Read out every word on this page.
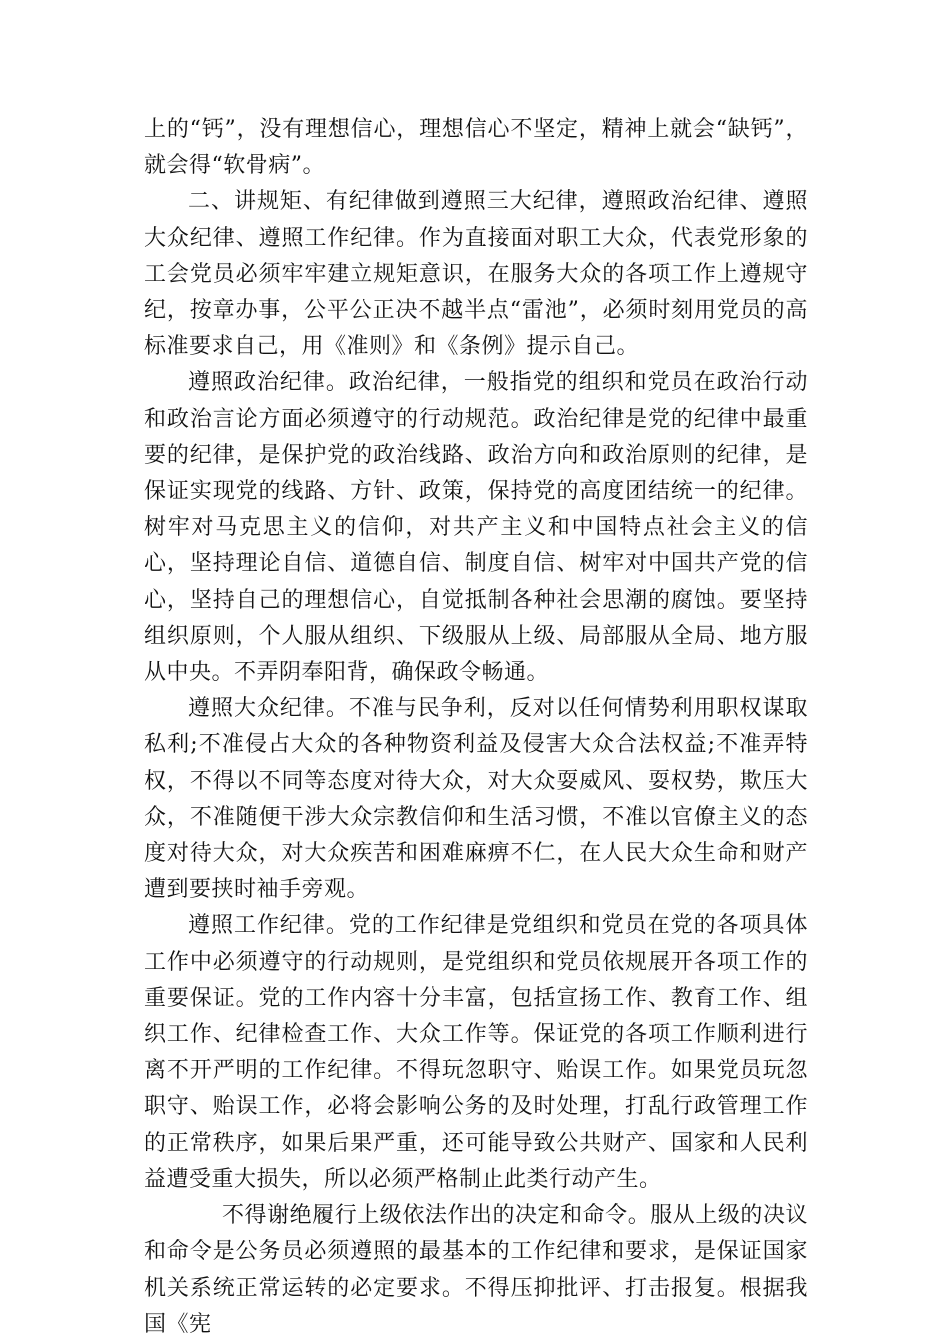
上的“钙”，没有理想信心，理想信心不坚定，精神上就会“缺钙”，就会得“软骨病”。

二、讲规矩、有纪律做到遵照三大纪律，遵照政治纪律、遵照大众纪律、遵照工作纪律。作为直接面对职工大众，代表党形象的工会党员必须牢牢建立规矩意识，在服务大众的各项工作上遵规守纪，按章办事，公平公正决不越半点“雷池”，必须时刻用党员的高标准要求自己，用《准则》和《条例》提示自己。

遵照政治纪律。政治纪律，一般指党的组织和党员在政治行动和政治言论方面必须遵守的行动规范。政治纪律是党的纪律中最重要的纪律，是保护党的政治线路、政治方向和政治原则的纪律，是保证实现党的线路、方针、政策，保持党的高度团结统一的纪律。树牢对马克思主义的信仰，对共产主义和中国特点社会主义的信心，坚持理论自信、道德自信、制度自信、树牢对中国共产党的信心，坚持自己的理想信心，自觉抵制各种社会思潮的腐蚀。要坚持组织原则，个人服从组织、下级服从上级、局部服从全局、地方服从中央。不弄阴奉阳背，确保政令畅通。

遵照大众纪律。不准与民争利，反对以任何情势利用职权谋取私利;不准侵占大众的各种物资利益及侵害大众合法权益;不准弄特权，不得以不同等态度对待大众，对大众耍威风、耍权势，欺压大众，不准随便干涉大众宗教信仰和生活习惯，不准以官僚主义的态度对待大众，对大众疾苦和困难麻痹不仁，在人民大众生命和财产遭到要挟时袖手旁观。

遵照工作纪律。党的工作纪律是党组织和党员在党的各项具体工作中必须遵守的行动规则，是党组织和党员依规展开各项工作的重要保证。党的工作内容十分丰富，包括宣扬工作、教育工作、组织工作、纪律检查工作、大众工作等。保证党的各项工作顺利进行离不开严明的工作纪律。不得玩忽职守、贻误工作。如果党员玩忽职守、贻误工作，必将会影响公务的及时处理，打乱行政管理工作的正常秩序，如果后果严重，还可能导致公共财产、国家和人民利益遭受重大损失，所以必须严格制止此类行动产生。

不得谢绝履行上级依法作出的决定和命令。服从上级的决议和命令是公务员必须遵照的最基本的工作纪律和要求，是保证国家机关系统正常运转的必定要求。不得压抑批评、打击报复。根据我国《宪
